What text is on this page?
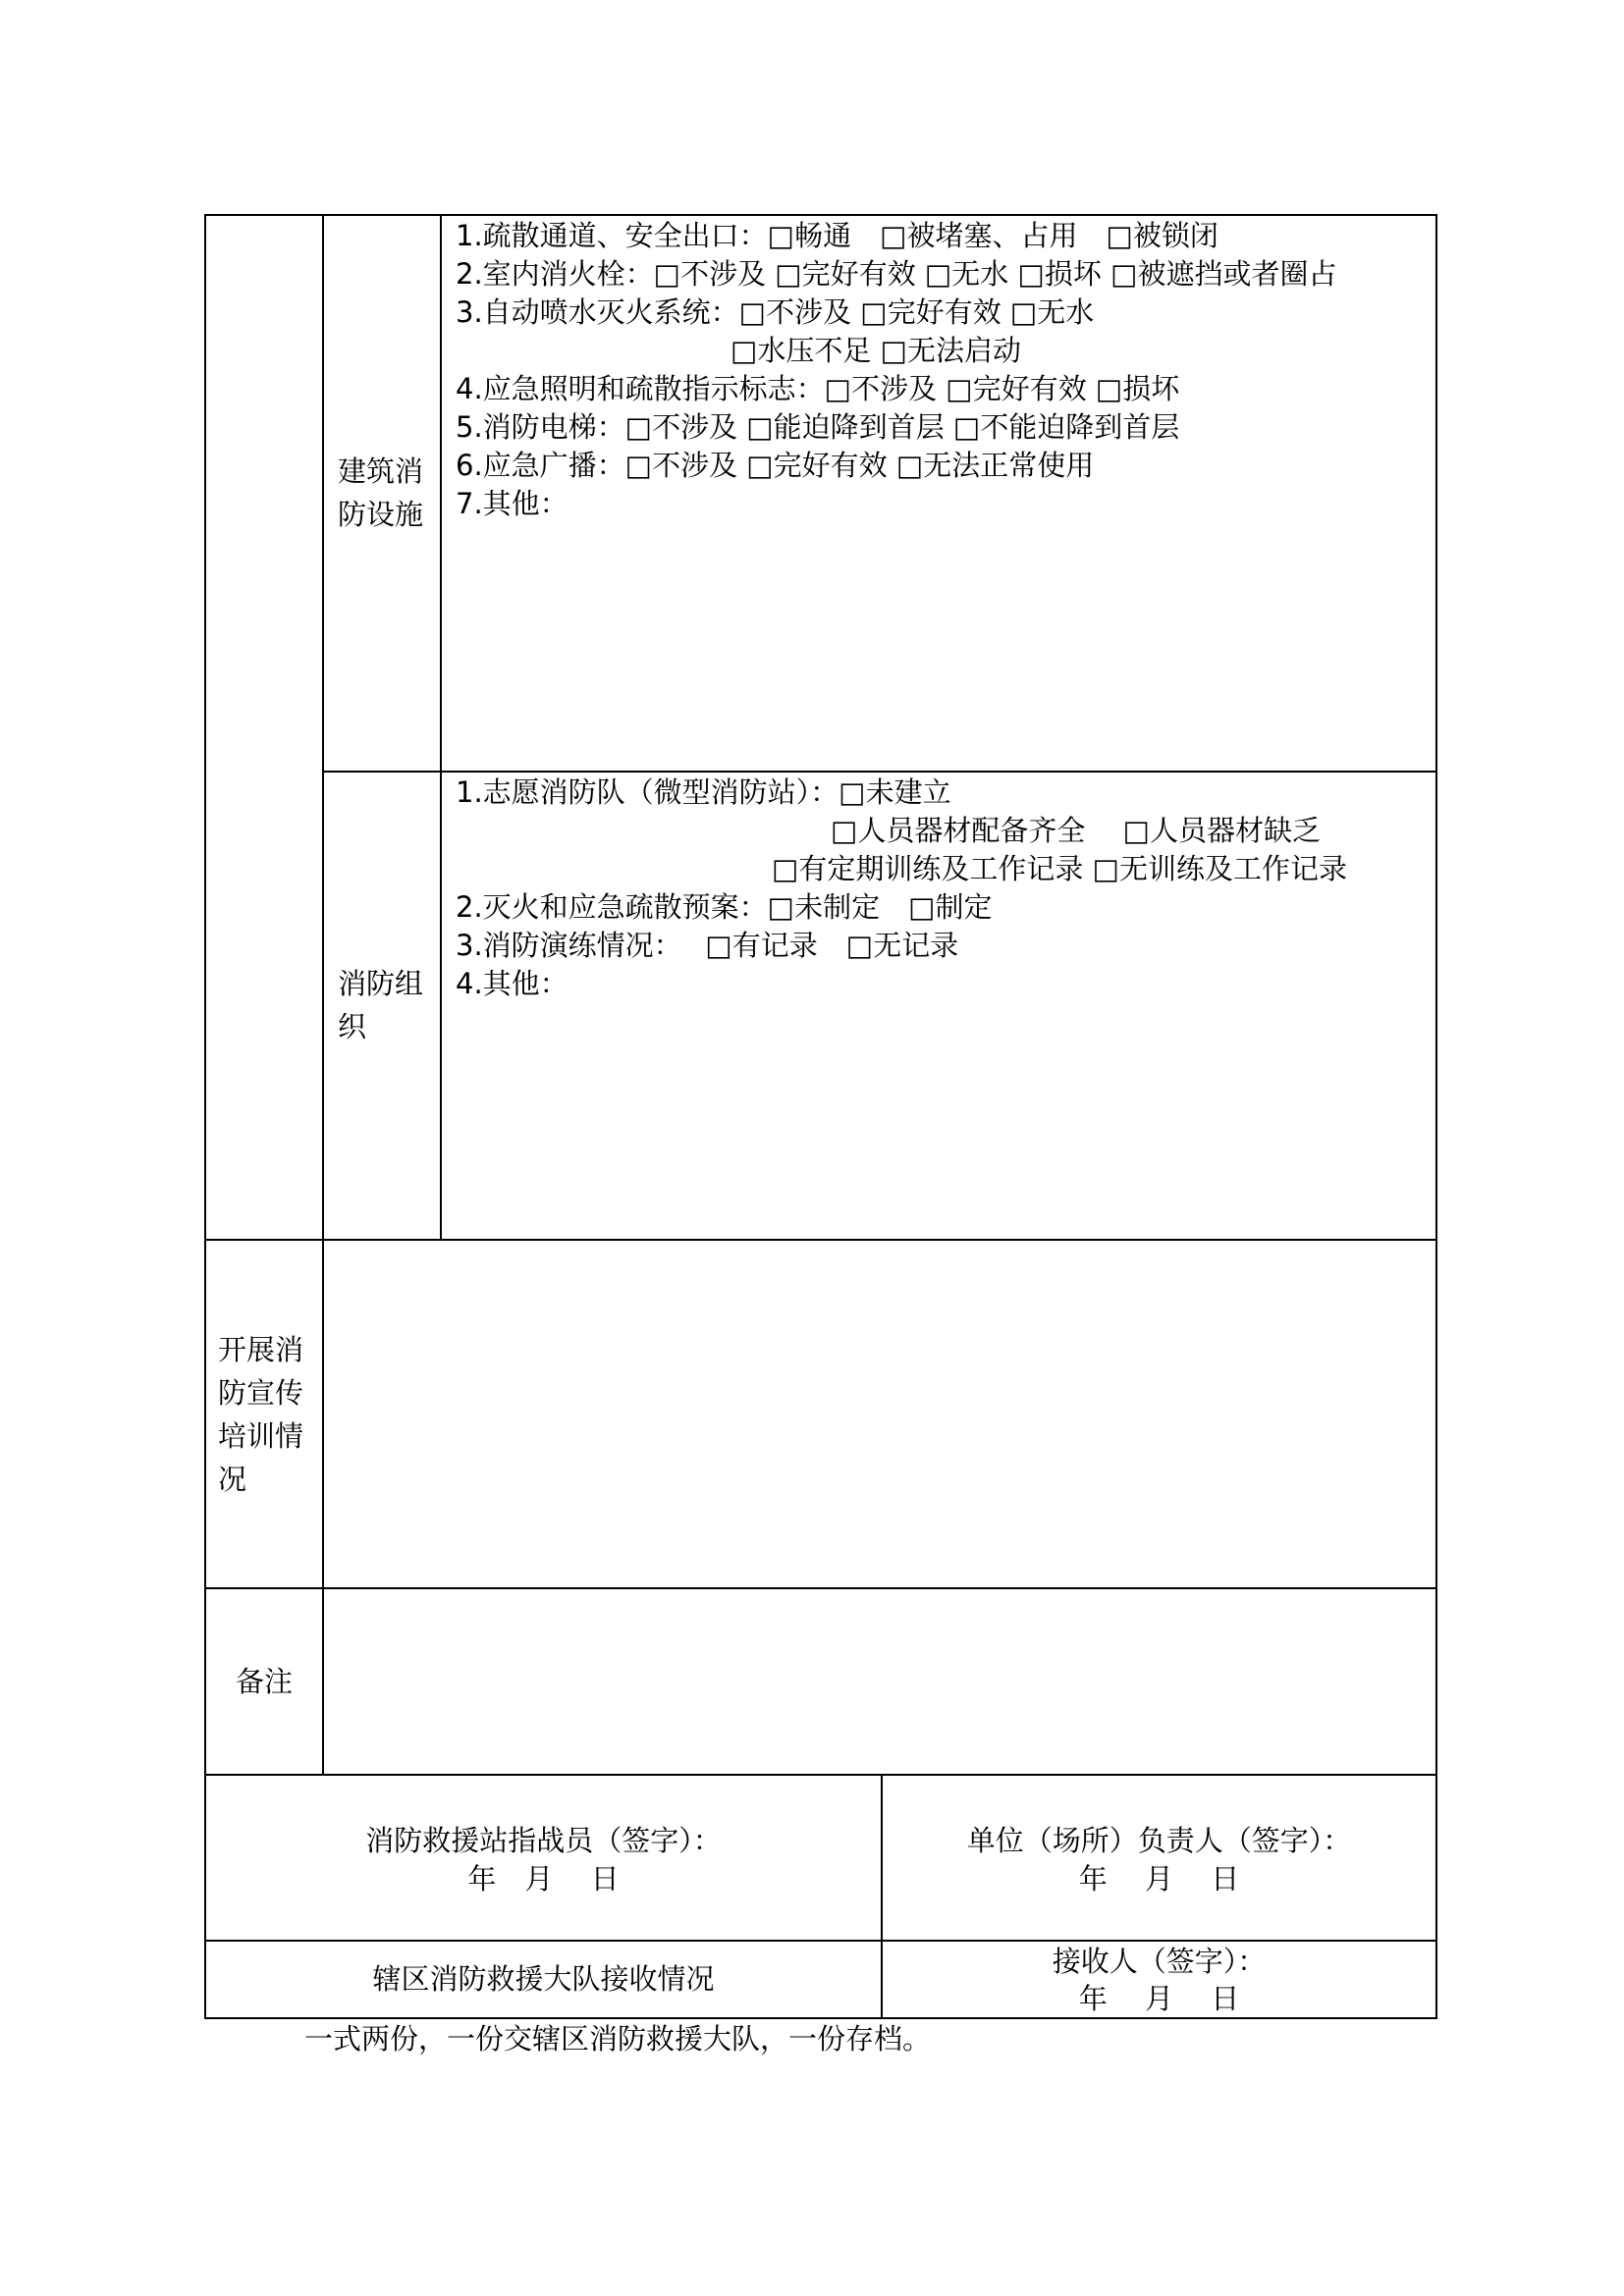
建筑消防设施
1.疏散通道、安全出口：□畅通　□被堵塞、占用　□被锁闭
2.室内消火栓：□不涉及 □完好有效 □无水 □损坏 □被遮挡或者圈占
3.自动喷水灭火系统：□不涉及 □完好有效 □无水
□水压不足 □无法启动
4.应急照明和疏散指示标志：□不涉及 □完好有效 □损坏
5.消防电梯：□不涉及 □能迫降到首层 □不能迫降到首层
6.应急广播：□不涉及 □完好有效 □无法正常使用
7.其他：
消防组织
1.志愿消防队（微型消防站）：□未建立
□人员器材配备齐全　 □人员器材缺乏
□有定期训练及工作记录 □无训练及工作记录
2.灭火和应急疏散预案：□未制定　□制定
3.消防演练情况：　 □有记录　□无记录
4.其他：
开展消防宣传培训情况
备注
消防救援站指战员（签字）：
年　月　 日
单位（场所）负责人（签字）：
年　 月　 日
辖区消防救援大队接收情况
接收人（签字）：
年　 月　 日
一式两份，一份交辖区消防救援大队，一份存档。
